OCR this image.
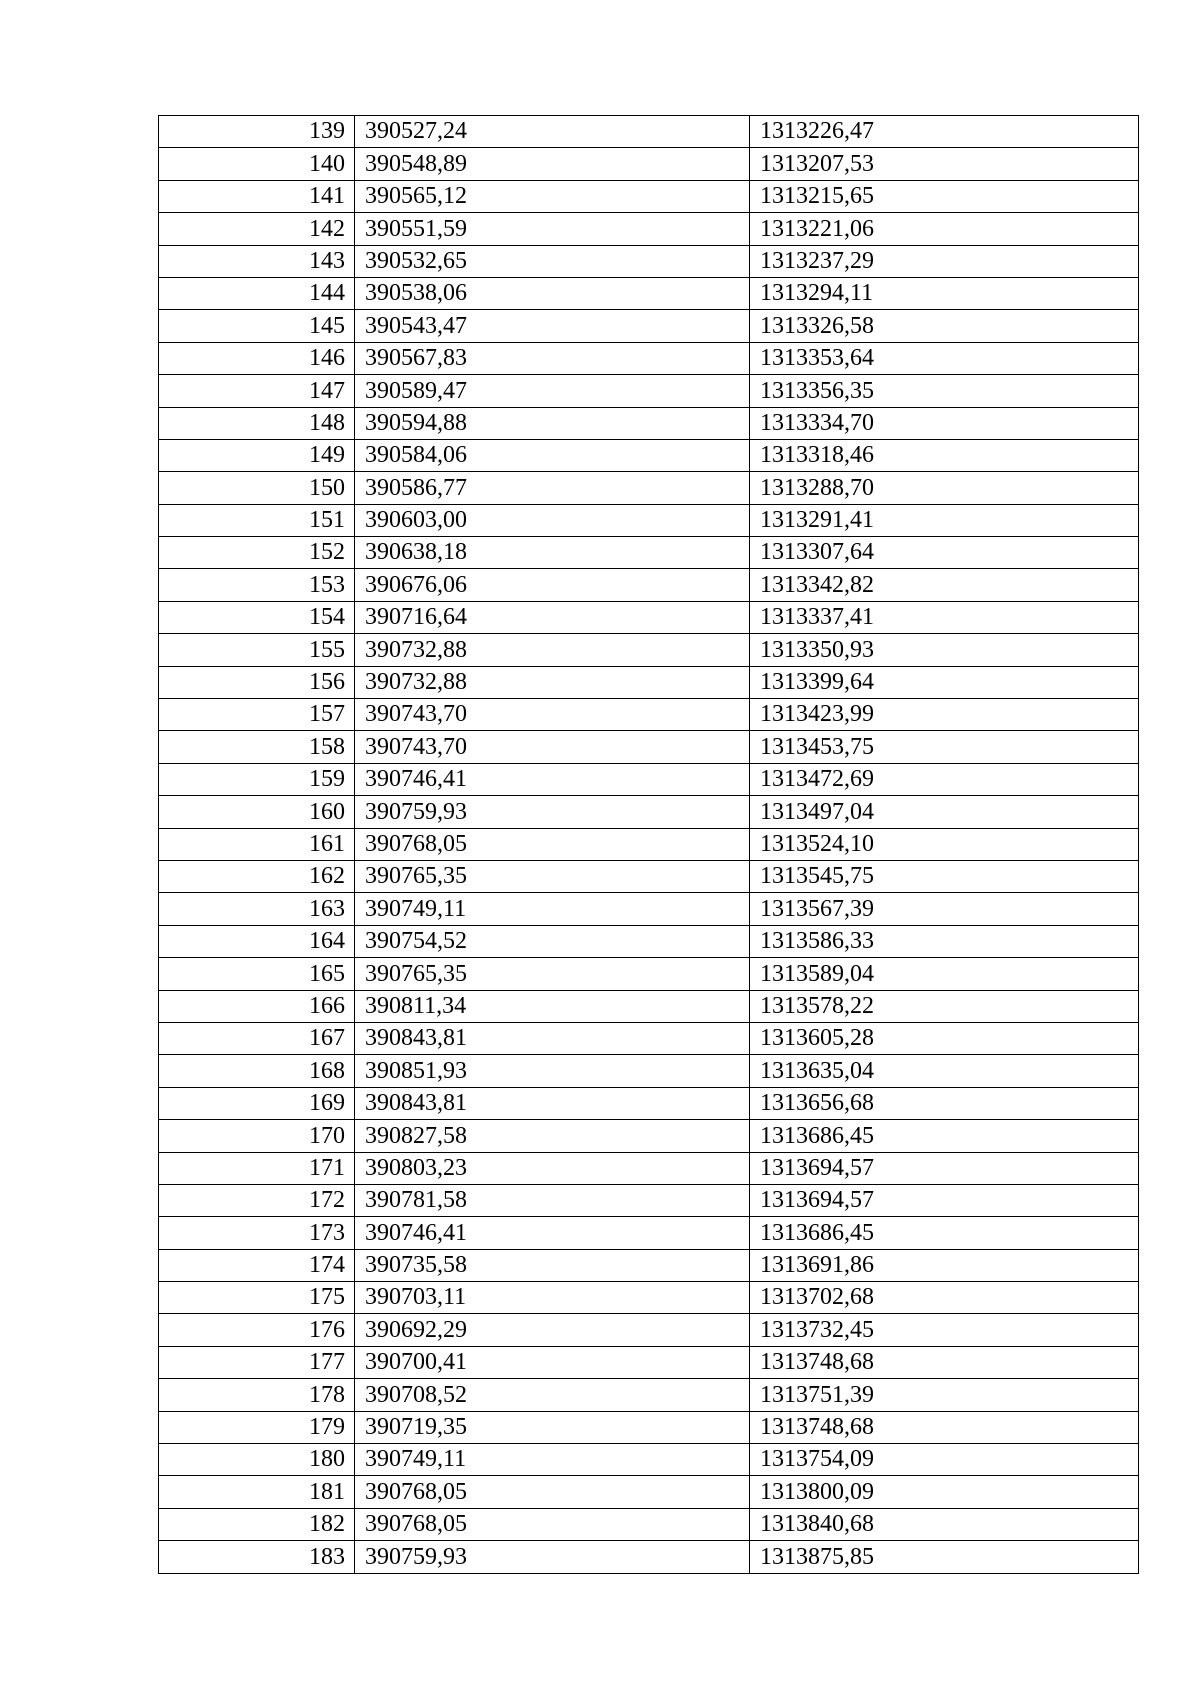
139	390527,24	1313226,47
140	390548,89	1313207,53
141	390565,12	1313215,65
142	390551,59	1313221,06
143	390532,65	1313237,29
144	390538,06	1313294,11
145	390543,47	1313326,58
146	390567,83	1313353,64
147	390589,47	1313356,35
148	390594,88	1313334,70
149	390584,06	1313318,46
150	390586,77	1313288,70
151	390603,00	1313291,41
152	390638,18	1313307,64
153	390676,06	1313342,82
154	390716,64	1313337,41
155	390732,88	1313350,93
156	390732,88	1313399,64
157	390743,70	1313423,99
158	390743,70	1313453,75
159	390746,41	1313472,69
160	390759,93	1313497,04
161	390768,05	1313524,10
162	390765,35	1313545,75
163	390749,11	1313567,39
164	390754,52	1313586,33
165	390765,35	1313589,04
166	390811,34	1313578,22
167	390843,81	1313605,28
168	390851,93	1313635,04
169	390843,81	1313656,68
170	390827,58	1313686,45
171	390803,23	1313694,57
172	390781,58	1313694,57
173	390746,41	1313686,45
174	390735,58	1313691,86
175	390703,11	1313702,68
176	390692,29	1313732,45
177	390700,41	1313748,68
178	390708,52	1313751,39
179	390719,35	1313748,68
180	390749,11	1313754,09
181	390768,05	1313800,09
182	390768,05	1313840,68
183	390759,93	1313875,85
